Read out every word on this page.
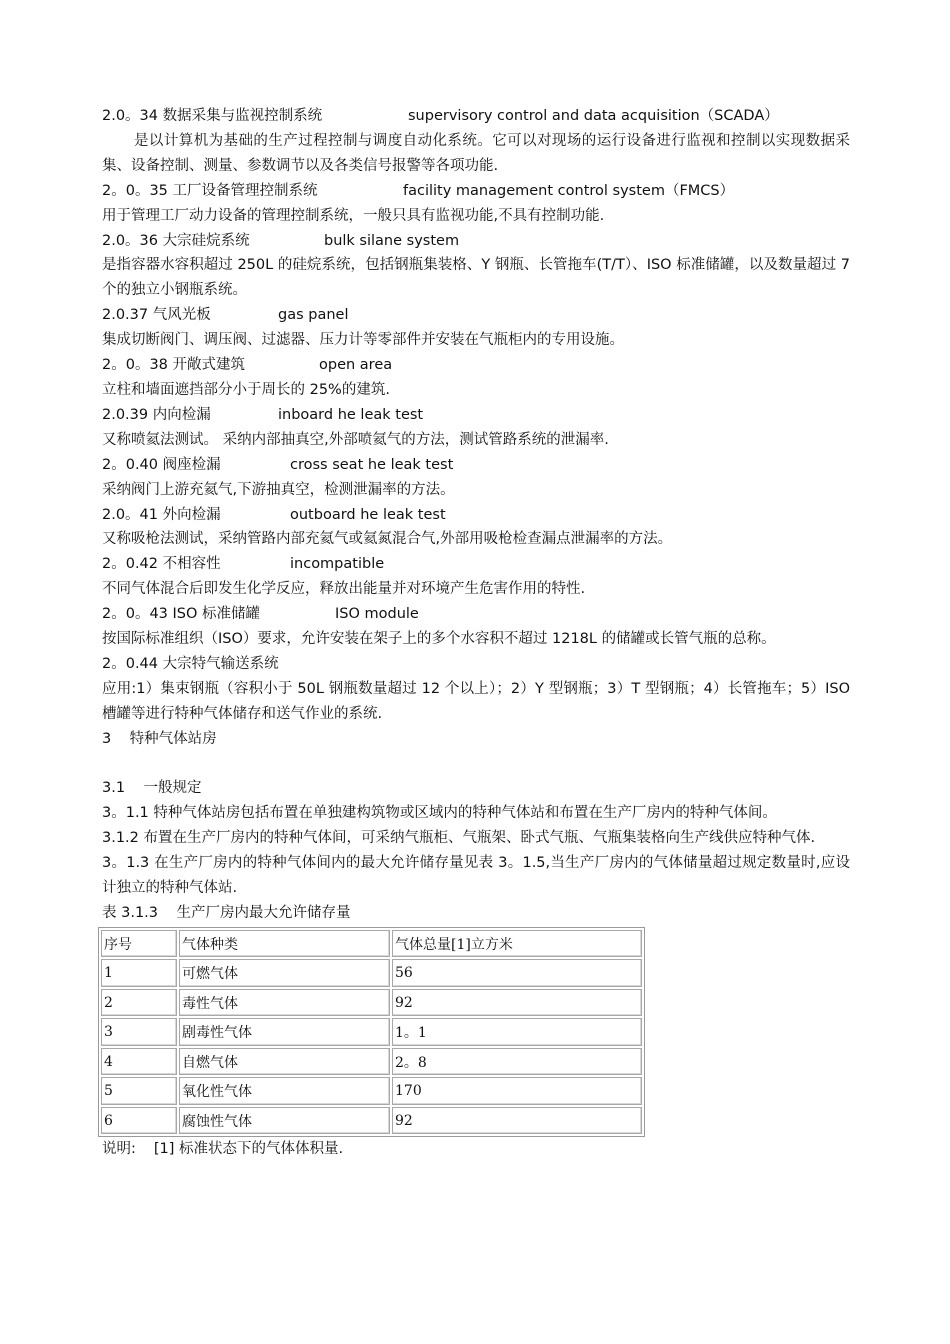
2.0。34 数据采集与监视控制系统	supervisory control and data acquisition（SCADA）

是以计算机为基础的生产过程控制与调度自动化系统。它可以对现场的运行设备进行监视和控制以实现数据采集、设备控制、测量、参数调节以及各类信号报警等各项功能.

2。0。35 工厂设备管理控制系统	facility management control system（FMCS）

用于管理工厂动力设备的管理控制系统，一般只具有监视功能,不具有控制功能.

2.0。36 大宗硅烷系统	bulk silane system

是指容器水容积超过 250L 的硅烷系统，包括钢瓶集装格、Y 钢瓶、长管拖车(T/T）、ISO 标准储罐，以及数量超过 7 个的独立小钢瓶系统。

2.0.37 气风光板	gas panel

集成切断阀门、调压阀、过滤器、压力计等零部件并安装在气瓶柜内的专用设施。

2。0。38 开敞式建筑	open area

立柱和墙面遮挡部分小于周长的 25%的建筑.

2.0.39 内向检漏	inboard he leak test

又称喷氦法测试。 采纳内部抽真空,外部喷氦气的方法，测试管路系统的泄漏率.

2。0.40 阀座检漏	cross seat he leak test

采纳阀门上游充氦气,下游抽真空，检测泄漏率的方法。

2.0。41 外向检漏	outboard he leak test

又称吸枪法测试，采纳管路内部充氦气或氦氮混合气,外部用吸枪检查漏点泄漏率的方法。

2。0.42 不相容性	incompatible

不同气体混合后即发生化学反应，释放出能量并对环境产生危害作用的特性.

2。0。43 ISO 标准储罐	ISO module

按国际标准组织（ISO）要求，允许安装在架子上的多个水容积不超过 1218L 的储罐或长管气瓶的总称。

2。0.44 大宗特气输送系统

应用:1）集束钢瓶（容积小于 50L 钢瓶数量超过 12 个以上）；2）Y 型钢瓶；3）T 型钢瓶；4）长管拖车；5）ISO 槽罐等进行特种气体储存和送气作业的系统.

3    特种气体站房

3.1    一般规定

3。1.1 特种气体站房包括布置在单独建构筑物或区域内的特种气体站和布置在生产厂房内的特种气体间。

3.1.2 布置在生产厂房内的特种气体间，可采纳气瓶柜、气瓶架、卧式气瓶、气瓶集装格向生产线供应特种气体.

3。1.3 在生产厂房内的特种气体间内的最大允许储存量见表 3。1.5,当生产厂房内的气体储量超过规定数量时,应设计独立的特种气体站.

表 3.1.3    生产厂房内最大允许储存量

序号	气体种类	气体总量[1]立方米
1	可燃气体	56
2	毒性气体	92
3	剧毒性气体	1。1
4	自燃气体	2。8
5	氧化性气体	170
6	腐蚀性气体	92

说明: [1] 标准状态下的气体体积量.
